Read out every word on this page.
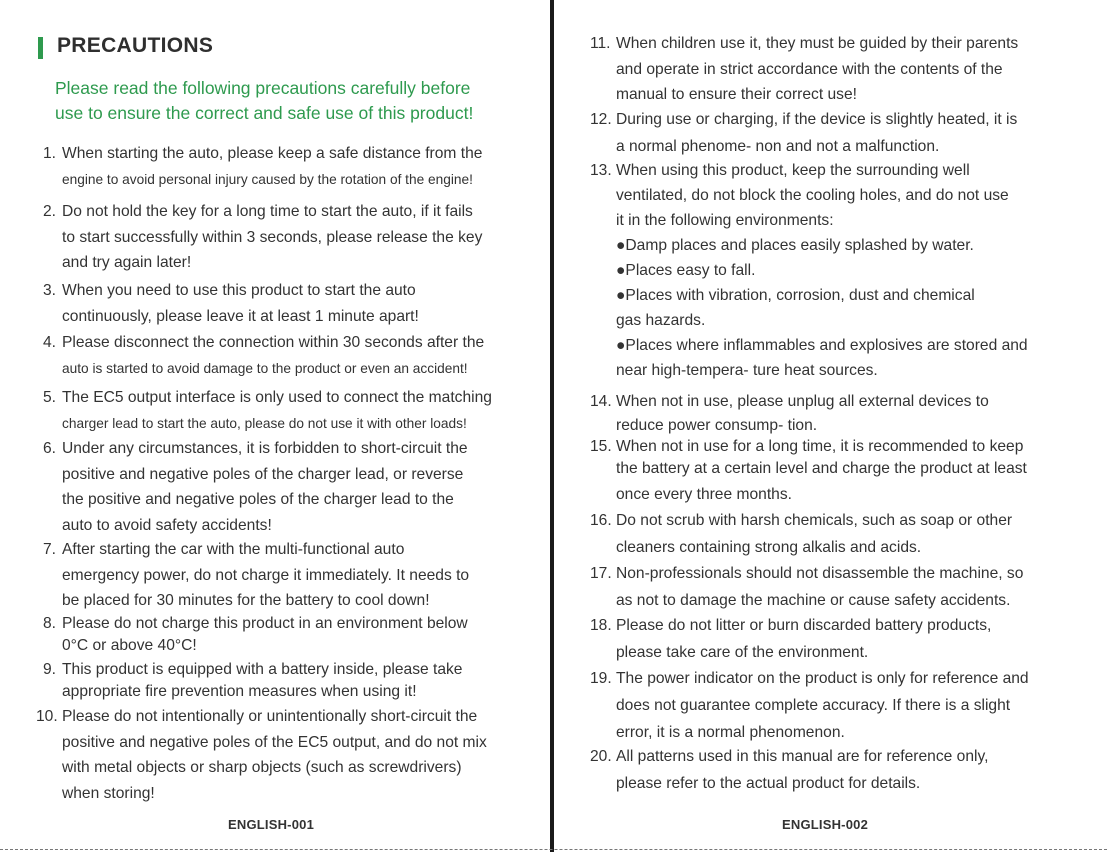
PRECAUTIONS
Please read the following precautions carefully before
use to ensure the correct and safe use of this product!
1. When starting the auto, please keep a safe distance from the
engine to avoid personal injury caused by the rotation of the engine!
2. Do not hold the key for a long time to start the auto, if it fails
to start successfully within 3 seconds, please release the key
and try again later!
3. When you need to use this product to start the auto
continuously, please leave it at least 1 minute apart!
4. Please disconnect the connection within 30 seconds after the
auto is started to avoid damage to the product or even an accident!
5. The EC5 output interface is only used to connect the matching
charger lead to start the auto, please do not use it with other loads!
6. Under any circumstances, it is forbidden to short-circuit the
positive and negative poles of the charger lead, or reverse
the positive and negative poles of the charger lead to the
auto to avoid safety accidents!
7. After starting the car with the multi-functional auto
emergency power, do not charge it immediately. It needs to
be placed for 30 minutes for the battery to cool down!
8. Please do not charge this product in an environment below
0°C or above 40°C!
9. This product is equipped with a battery inside, please take
appropriate fire prevention measures when using it!
10. Please do not intentionally or unintentionally short-circuit the
positive and negative poles of the EC5 output, and do not mix
with metal objects or sharp objects (such as screwdrivers)
when storing!
ENGLISH-001
11. When children use it, they must be guided by their parents
and operate in strict accordance with the contents of the
manual to ensure their correct use!
12. During use or charging, if the device is slightly heated, it is
a normal phenome- non and not a malfunction.
13. When using this product, keep the surrounding well
ventilated, do not block the cooling holes, and do not use
it in the following environments:
●Damp places and places easily splashed by water.
●Places easy to fall.
●Places with vibration, corrosion, dust and chemical
gas hazards.
●Places where inflammables and explosives are stored and
near high-tempera- ture heat sources.
14. When not in use, please unplug all external devices to
reduce power consump- tion.
15. When not in use for a long time, it is recommended to keep
the battery at a certain level and charge the product at least
once every three months.
16. Do not scrub with harsh chemicals, such as soap or other
cleaners containing strong alkalis and acids.
17. Non-professionals should not disassemble the machine, so
as not to damage the machine or cause safety accidents.
18. Please do not litter or burn discarded battery products,
please take care of the environment.
19. The power indicator on the product is only for reference and
does not guarantee complete accuracy. If there is a slight
error, it is a normal phenomenon.
20. All patterns used in this manual are for reference only,
please refer to the actual product for details.
ENGLISH-002
